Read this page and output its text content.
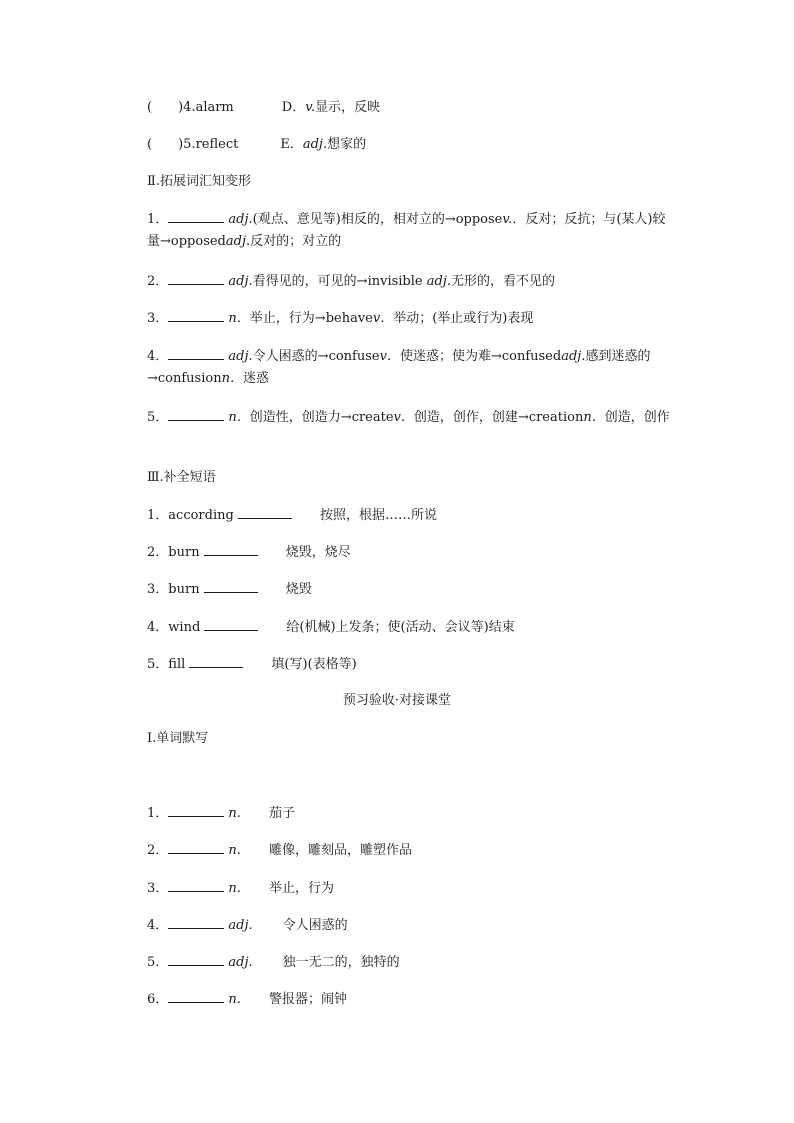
( )4.alarm	D．v.显示，反映
( )5.reflect	E．adj.想家的
Ⅱ.拓展词汇知变形
1．	adj.(观点、意见等)相反的，相对立的→opposev.．反对；反抗；与(某人)较量→opposedadj.反对的；对立的
2．	adj.看得见的，可见的→invisible adj.无形的，看不见的
3．	n．举止，行为→behavev．举动；(举止或行为)表现
4．	adj.令人困惑的→confusev．使迷惑；使为难→confusedadj.感到迷惑的→confusionn．迷惑
5．	n．创造性，创造力→createv．创造，创作，创建→creationn．创造，创作
Ⅲ.补全短语
1．according	按照，根据……所说
2．burn	烧毁，烧尽
3．burn	烧毁
4．wind	给(机械)上发条；使(活动、会议等)结束
5．fill	填(写)(表格等)
预习验收·对接课堂
Ⅰ.单词默写
1．	n. 茄子
2．	n. 雕像，雕刻品，雕塑作品
3．	n. 举止，行为
4．	adj. 令人困惑的
5．	adj. 独一无二的，独特的
6．	n. 警报器；闹钟
